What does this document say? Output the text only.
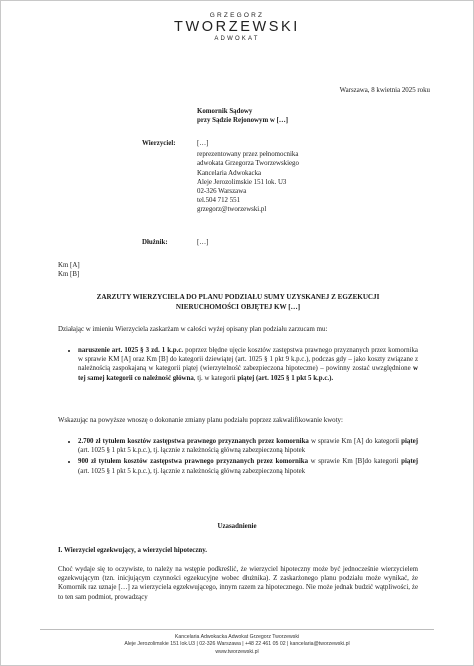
GRZEGORZ
TWORZEWSKI
ADWOKAT
Warszawa, 8 kwietnia 2025 roku
Komornik Sądowy
przy Sądzie Rejonowym w […]
Wierzyciel:	[…]
reprezentowany przez pełnomocnika
adwokata Grzegorza Tworzewskiego
Kancelaria Adwokacka
Aleje Jerozolimskie 151 lok. U3
02-326 Warszawa
tel.504 712 551
grzegorz@tworzewski.pl
Dłużnik:	[…]
Km [A]
Km [B]
ZARZUTY WIERZYCIELA DO PLANU PODZIAŁU SUMY UZYSKANEJ Z EGZEKUCJI
NIERUCHOMOŚCI OBJĘTEJ KW […]
Działając w imieniu Wierzyciela zaskarżam w całości wyżej opisany plan podziału zarzucam mu:
• naruszenie art. 1025 § 3 zd. 1 k.p.c. poprzez błędne ujęcie kosztów zastępstwa prawnego przyznanych przez komornika w sprawie KM [A] oraz Km [B] do kategorii dziewiątej (art. 1025 § 1 pkt 9 k.p.c.), podczas gdy – jako koszty związane z należnością zaspokajaną w kategorii piątej (wierzytelność zabezpieczona hipoteczne) – powinny zostać uwzględnione w tej samej kategorii co należność główna, tj. w kategorii piątej (art. 1025 § 1 pkt 5 k.p.c.).
Wskazując na powyższe wnoszę o dokonanie zmiany planu podziału poprzez zakwalifikowanie kwoty:
• 2.700 zł tytułem kosztów zastępstwa prawnego przyznanych przez komornika w sprawie Km [A] do kategorii piątej (art. 1025 § 1 pkt 5 k.p.c.), tj. łącznie z należnością główną zabezpieczoną hipotek
• 900 zł tytułem kosztów zastępstwa prawnego przyznanych przez komornika w sprawie Km [B]do kategorii piątej (art. 1025 § 1 pkt 5 k.p.c.), tj. łącznie z należnością główną zabezpieczoną hipotek
Uzasadnienie
I. Wierzyciel egzekwujący, a wierzyciel hipoteczny.
Choć wydaje się to oczywiste, to należy na wstępie podkreślić, że wierzyciel hipoteczny może być jednocześnie wierzycielem egzekwującym (tzn. inicjującym czynności egzekucyjne wobec dłużnika). Z zaskarżonego planu podziału może wynikać, że Komornik raz uznaje […] za wierzyciela egzekwującego, innym razem za hipotecznego. Nie może jednak budzić wątpliwości, że to ten sam podmiot, prowadzący
Kancelaria Adwokacka Adwokat Grzegorz Tworzewski
Aleje Jerozolimskie 151 lok.U3 | 02-326 Warszawa | +48 22 461 05 02 | kancelaria@tworzewski.pl
www.tworzewski.pl
